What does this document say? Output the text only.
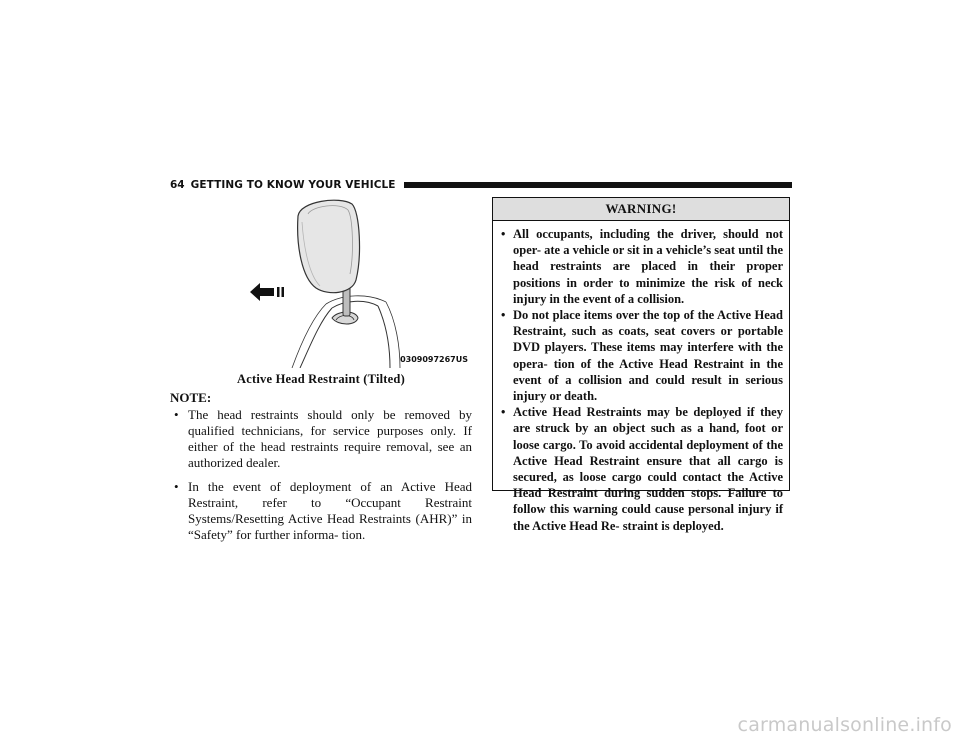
64 GETTING TO KNOW YOUR VEHICLE
0309097267US
Active Head Restraint (Tilted)
NOTE:
• The head restraints should only be removed by qualified technicians, for service purposes only. If either of the head restraints require removal, see an authorized dealer.
• In the event of deployment of an Active Head Restraint, refer to “Occupant Restraint Systems/Resetting Active Head Restraints (AHR)” in “Safety” for further informa- tion.
WARNING!
• All occupants, including the driver, should not oper- ate a vehicle or sit in a vehicle’s seat until the head restraints are placed in their proper positions in order to minimize the risk of neck injury in the event of a collision.
• Do not place items over the top of the Active Head Restraint, such as coats, seat covers or portable DVD players. These items may interfere with the opera- tion of the Active Head Restraint in the event of a collision and could result in serious injury or death.
• Active Head Restraints may be deployed if they are struck by an object such as a hand, foot or loose cargo. To avoid accidental deployment of the Active Head Restraint ensure that all cargo is secured, as loose cargo could contact the Active Head Restraint during sudden stops. Failure to follow this warning could cause personal injury if the Active Head Re- straint is deployed.
carmanualsonline.info
